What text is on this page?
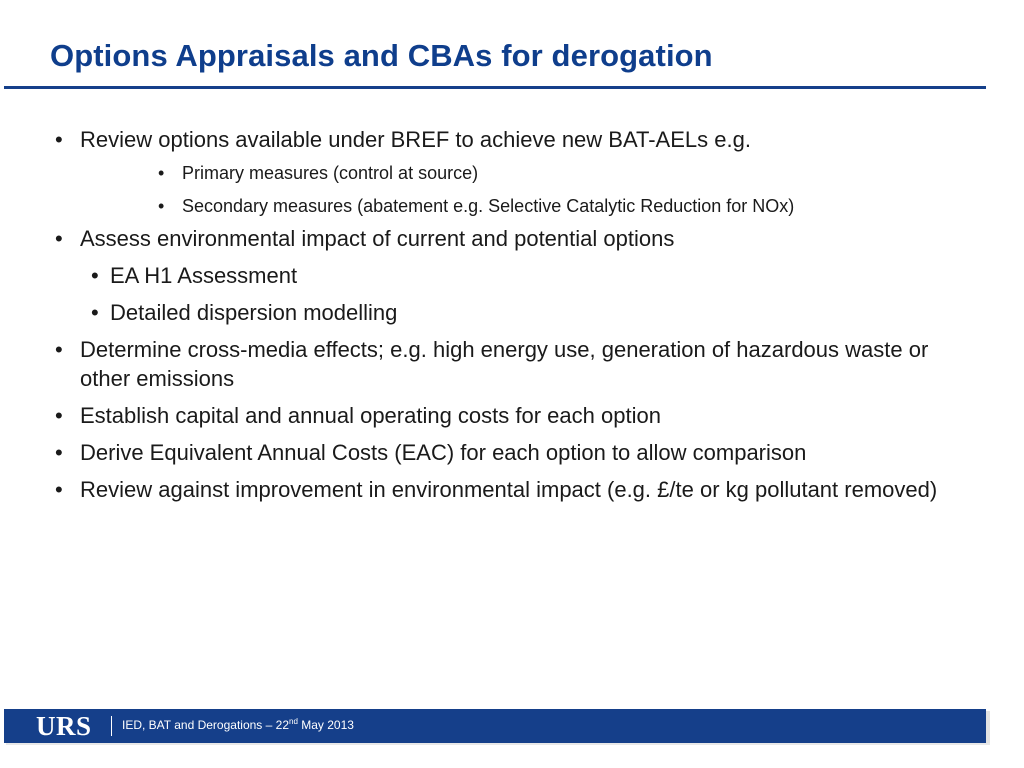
Options Appraisals and CBAs for derogation
• Review options available under BREF to achieve new BAT-AELs e.g.
• Primary measures (control at source)
• Secondary measures (abatement e.g. Selective Catalytic Reduction for NOx)
• Assess environmental impact of current and potential options
• EA H1 Assessment
• Detailed dispersion modelling
• Determine cross-media effects; e.g. high energy use, generation of hazardous waste or other emissions
• Establish capital and annual operating costs for each option
• Derive Equivalent Annual Costs (EAC) for each option to allow comparison
• Review against improvement in environmental impact (e.g. £/te or kg pollutant removed)
URS	IED, BAT and Derogations – 22nd May 2013
